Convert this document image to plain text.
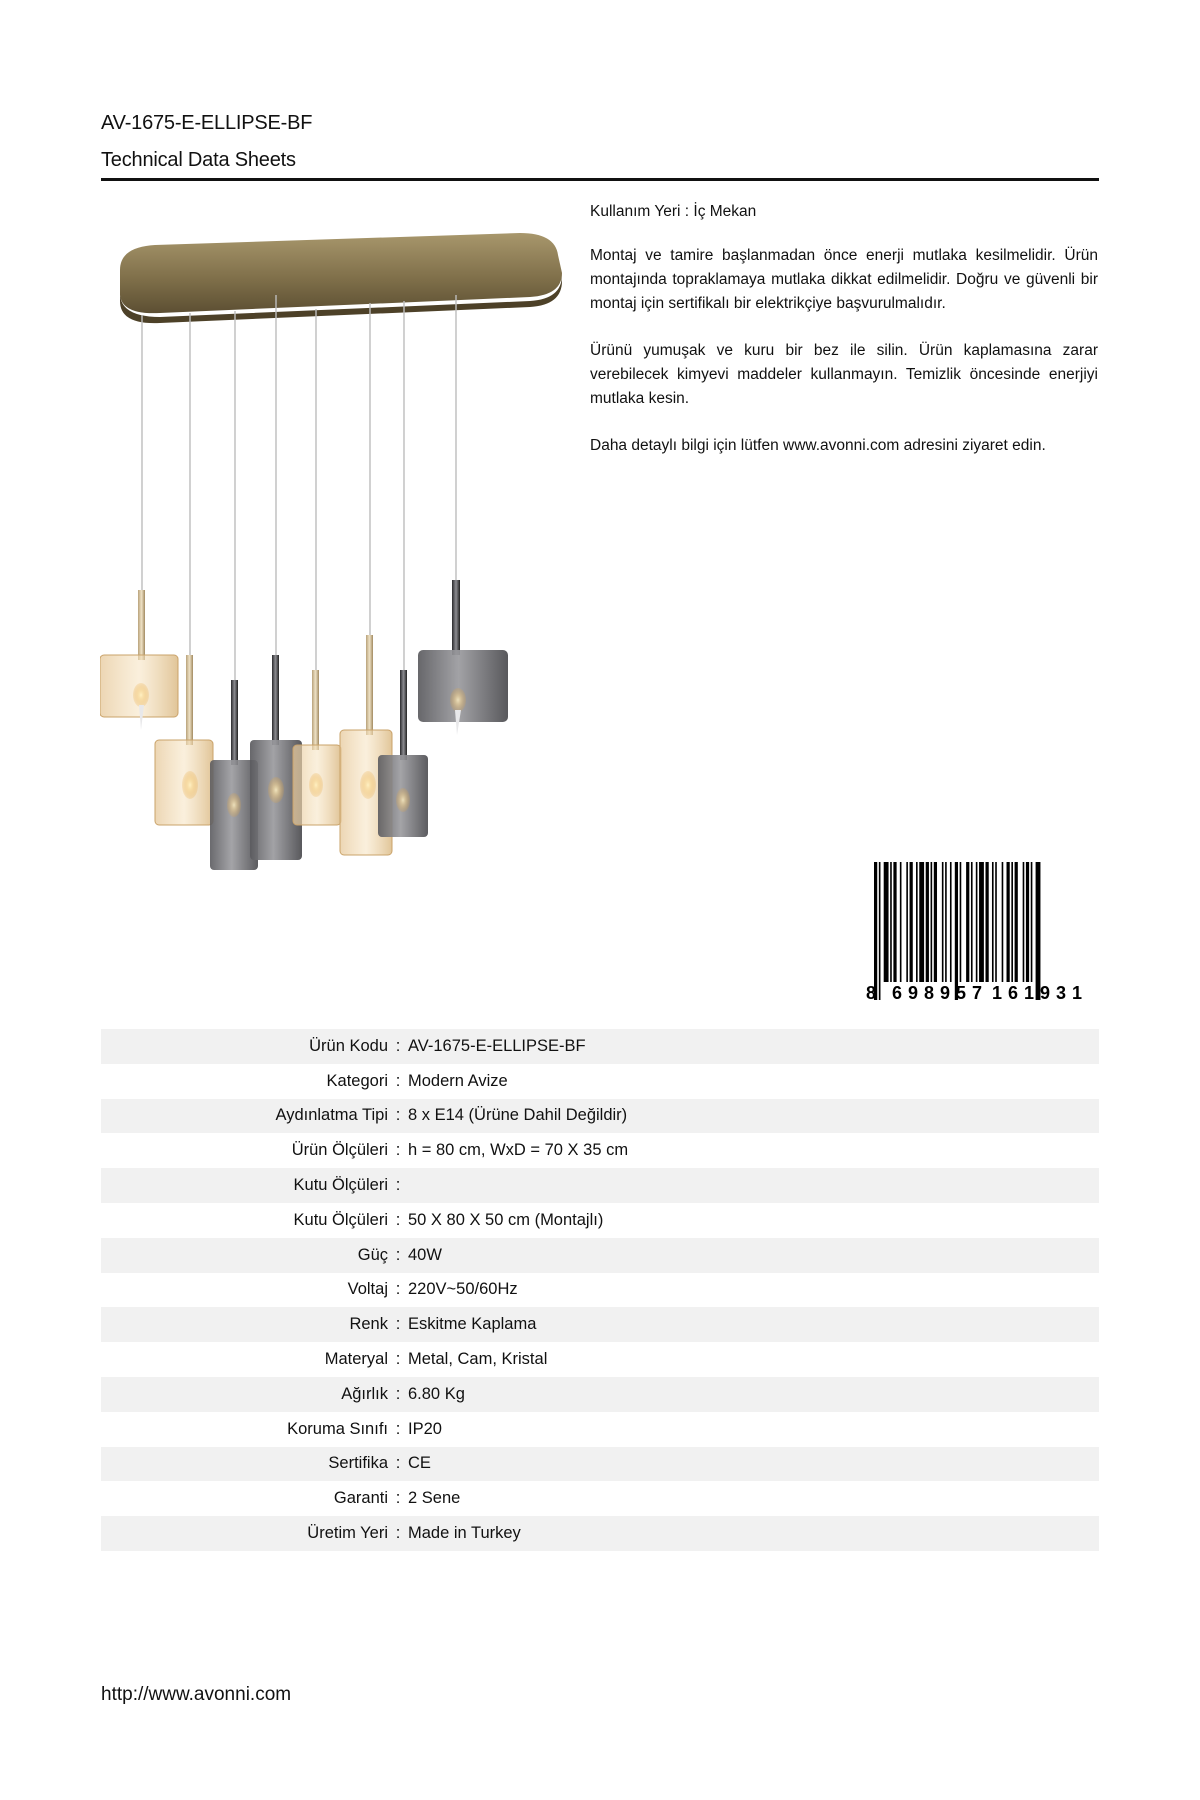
AV-1675-E-ELLIPSE-BF
Technical Data Sheets

Kullanım Yeri : İç Mekan

Montaj ve tamire başlanmadan önce enerji mutlaka kesilmelidir. Ürün montajında topraklamaya mutlaka dikkat edilmelidir. Doğru ve güvenli bir montaj için sertifikalı bir elektrikçiye başvurulmalıdır.

Ürünü yumuşak ve kuru bir bez ile silin. Ürün kaplamasına zarar verebilecek kimyevi maddeler kullanmayın. Temizlik öncesinde enerjiyi mutlaka kesin.

Daha detaylı bilgi için lütfen www.avonni.com adresini ziyaret edin.

8 6 9 8 9 5 7 1 6 1 9 3 1
Ürün Kodu : AV-1675-E-ELLIPSE-BF
Kategori : Modern Avize
Aydınlatma Tipi : 8 x E14 (Ürüne Dahil Değildir)
Ürün Ölçüleri : h = 80 cm, WxD = 70 X 35 cm
Kutu Ölçüleri :
Kutu Ölçüleri : 50 X 80 X 50 cm (Montajlı)
Güç : 40W
Voltaj : 220V~50/60Hz
Renk : Eskitme Kaplama
Materyal : Metal, Cam, Kristal
Ağırlık : 6.80 Kg
Koruma Sınıfı : IP20
Sertifika : CE
Garanti : 2 Sene
Üretim Yeri : Made in Turkey
http://www.avonni.com
